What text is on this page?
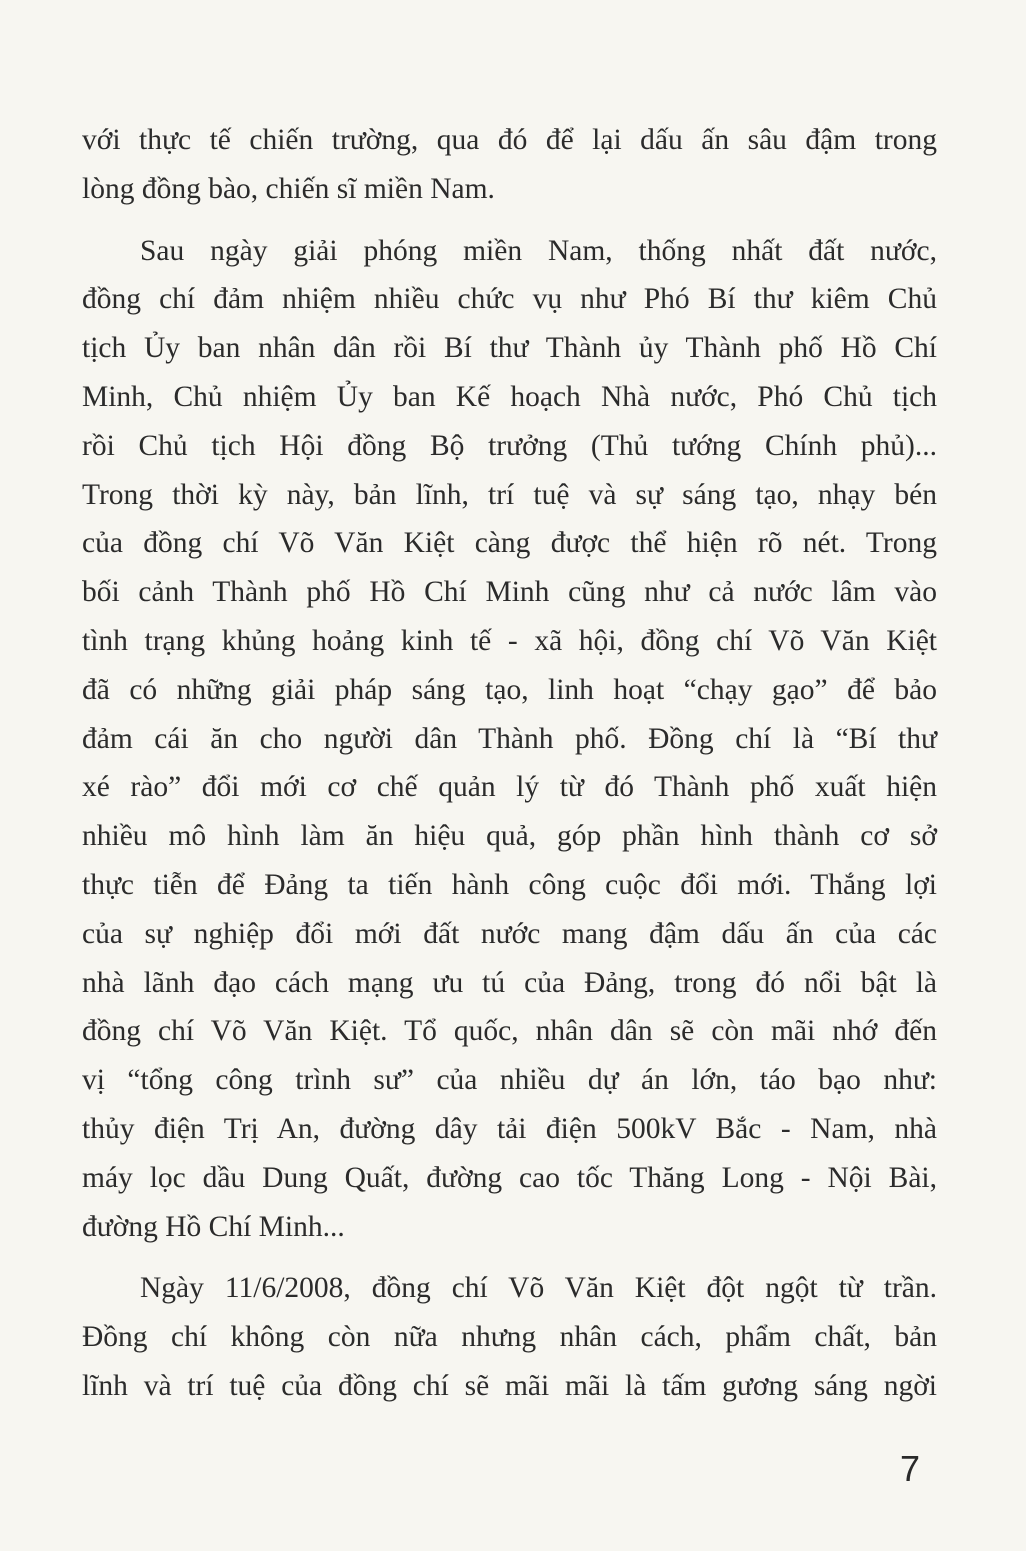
với thực tế chiến trường, qua đó để lại dấu ấn sâu đậm trong
lòng đồng bào, chiến sĩ miền Nam.
Sau ngày giải phóng miền Nam, thống nhất đất nước,
đồng chí đảm nhiệm nhiều chức vụ như Phó Bí thư kiêm Chủ
tịch Ủy ban nhân dân rồi Bí thư Thành ủy Thành phố Hồ Chí
Minh, Chủ nhiệm Ủy ban Kế hoạch Nhà nước, Phó Chủ tịch
rồi Chủ tịch Hội đồng Bộ trưởng (Thủ tướng Chính phủ)...
Trong thời kỳ này, bản lĩnh, trí tuệ và sự sáng tạo, nhạy bén
của đồng chí Võ Văn Kiệt càng được thể hiện rõ nét. Trong
bối cảnh Thành phố Hồ Chí Minh cũng như cả nước lâm vào
tình trạng khủng hoảng kinh tế - xã hội, đồng chí Võ Văn Kiệt
đã có những giải pháp sáng tạo, linh hoạt “chạy gạo” để bảo
đảm cái ăn cho người dân Thành phố. Đồng chí là “Bí thư
xé rào” đổi mới cơ chế quản lý từ đó Thành phố xuất hiện
nhiều mô hình làm ăn hiệu quả, góp phần hình thành cơ sở
thực tiễn để Đảng ta tiến hành công cuộc đổi mới. Thắng lợi
của sự nghiệp đổi mới đất nước mang đậm dấu ấn của các
nhà lãnh đạo cách mạng ưu tú của Đảng, trong đó nổi bật là
đồng chí Võ Văn Kiệt. Tổ quốc, nhân dân sẽ còn mãi nhớ đến
vị “tổng công trình sư” của nhiều dự án lớn, táo bạo như:
thủy điện Trị An, đường dây tải điện 500kV Bắc - Nam, nhà
máy lọc dầu Dung Quất, đường cao tốc Thăng Long - Nội Bài,
đường Hồ Chí Minh...
Ngày 11/6/2008, đồng chí Võ Văn Kiệt đột ngột từ trần.
Đồng chí không còn nữa nhưng nhân cách, phẩm chất, bản
lĩnh và trí tuệ của đồng chí sẽ mãi mãi là tấm gương sáng ngời
7
